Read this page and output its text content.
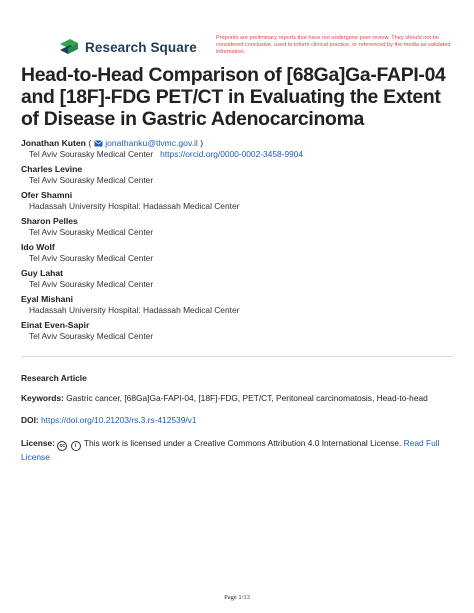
Research Square
Preprints are preliminary reports that have not undergone peer review. They should not be considered conclusive, used to inform clinical practice, or referenced by the media as validated information.
Head-to-Head Comparison of [68Ga]Ga-FAPI-04 and [18F]-FDG PET/CT in Evaluating the Extent of Disease in Gastric Adenocarcinoma
Jonathan Kuten ( jonathanku@tlvmc.gov.il )
Tel Aviv Sourasky Medical Center https://orcid.org/0000-0002-3458-9904
Charles Levine
Tel Aviv Sourasky Medical Center
Ofer Shamni
Hadassah University Hospital: Hadassah Medical Center
Sharon Pelles
Tel Aviv Sourasky Medical Center
Ido Wolf
Tel Aviv Sourasky Medical Center
Guy Lahat
Tel Aviv Sourasky Medical Center
Eyal Mishani
Hadassah University Hospital: Hadassah Medical Center
Einat Even-Sapir
Tel Aviv Sourasky Medical Center
Research Article
Keywords: Gastric cancer, [68Ga]Ga-FAPI-04, [18F]-FDG, PET/CT, Peritoneal carcinomatosis, Head-to-head
DOI: https://doi.org/10.21203/rs.3.rs-412539/v1
License: cc i This work is licensed under a Creative Commons Attribution 4.0 International License. Read Full License
Page 1/13
